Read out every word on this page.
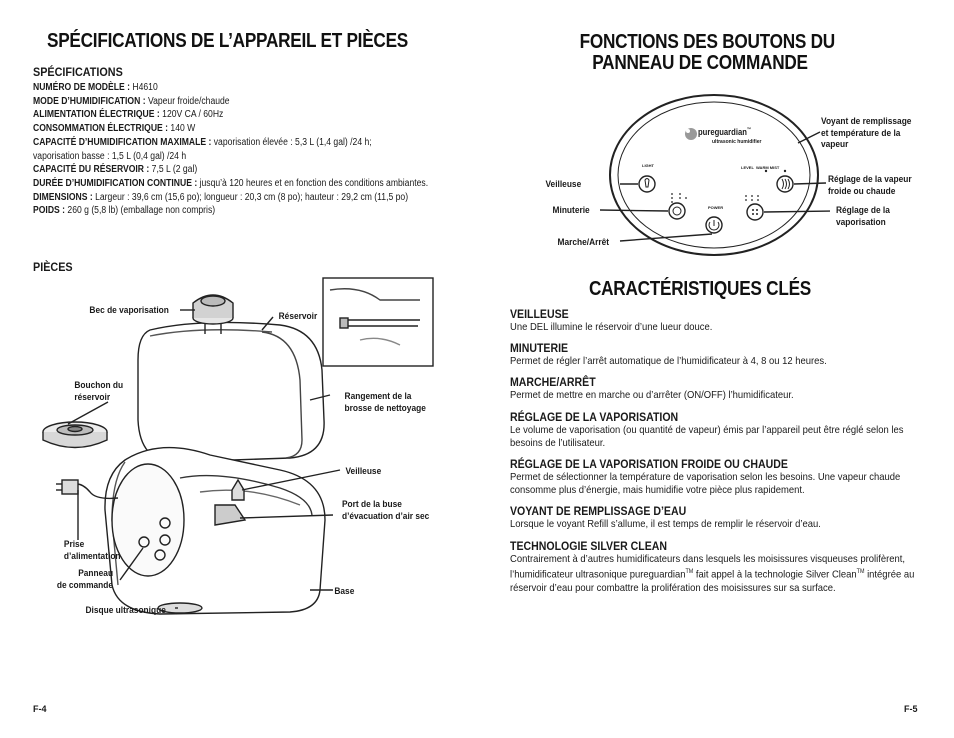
SPÉCIFICATIONS DE L’APPAREIL ET PIÈCES
SPÉCIFICATIONS
NUMÉRO DE MODÈLE : H4610
MODE D’HUMIDIFICATION : Vapeur froide/chaude
ALIMENTATION ÉLECTRIQUE : 120V CA / 60Hz
CONSOMMATION ÉLECTRIQUE : 140 W
CAPACITÉ D’HUMIDIFICATION MAXIMALE : vaporisation élevée : 5,3 L (1,4 gal) /24 h;
vaporisation basse : 1,5 L (0,4 gal) /24 h
CAPACITÉ DU RÉSERVOIR : 7,5 L (2 gal)
DURÉE D’HUMIDIFICATION CONTINUE : jusqu’à 120 heures et en fonction des conditions ambiantes.
DIMENSIONS : Largeur : 39,6 cm (15,6 po); longueur : 20,3 cm (8 po); hauteur : 29,2 cm (11,5 po)
POIDS : 260 g (5,8 lb) (emballage non compris)
PIÈCES
Bec de vaporisation
Réservoir
Bouchon du
réservoir	Rangement de la
brosse de nettoyage
Veilleuse
Port de la buse
d’évacuation d’air sec
Prise
d’alimentation
Panneau
de commande
Base
Disque ultrasonique
F-4
FONCTIONS DES BOUTONS DU
PANNEAU DE COMMANDE
pureguardian™
ultrasonic humidifier
LIGHT
POWER
LEVEL WARM MIST
Veilleuse
Minuterie
Marche/Arrêt
Voyant de remplissage
et température de la
vapeur
Réglage de la vapeur
froide ou chaude
Réglage de la
vaporisation
CARACTÉRISTIQUES CLÉS
VEILLEUSE
Une DEL illumine le réservoir d’une lueur douce.
MINUTERIE
Permet de régler l’arrêt automatique de l’humidificateur à 4, 8 ou 12 heures.
MARCHE/ARRÊT
Permet de mettre en marche ou d’arrêter (ON/OFF) l’humidificateur.
RÉGLAGE DE LA VAPORISATION
Le volume de vaporisation (ou quantité de vapeur) émis par l’appareil peut être réglé selon les besoins de l’utilisateur.
RÉGLAGE DE LA VAPORISATION FROIDE OU CHAUDE
Permet de sélectionner la température de vaporisation selon les besoins. Une vapeur chaude consomme plus d’énergie, mais humidifie votre pièce plus rapidement.
VOYANT DE REMPLISSAGE D’EAU
Lorsque le voyant Refill s’allume, il est temps de remplir le réservoir d’eau.
TECHNOLOGIE SILVER CLEAN
Contrairement à d’autres humidificateurs dans lesquels les moisissures visqueuses prolifèrent, l’humidificateur ultrasonique pureguardian™ fait appel à la technologie Silver Clean™ intégrée au réservoir d’eau pour combattre la prolifération des moisissures sur sa surface.
F-5
